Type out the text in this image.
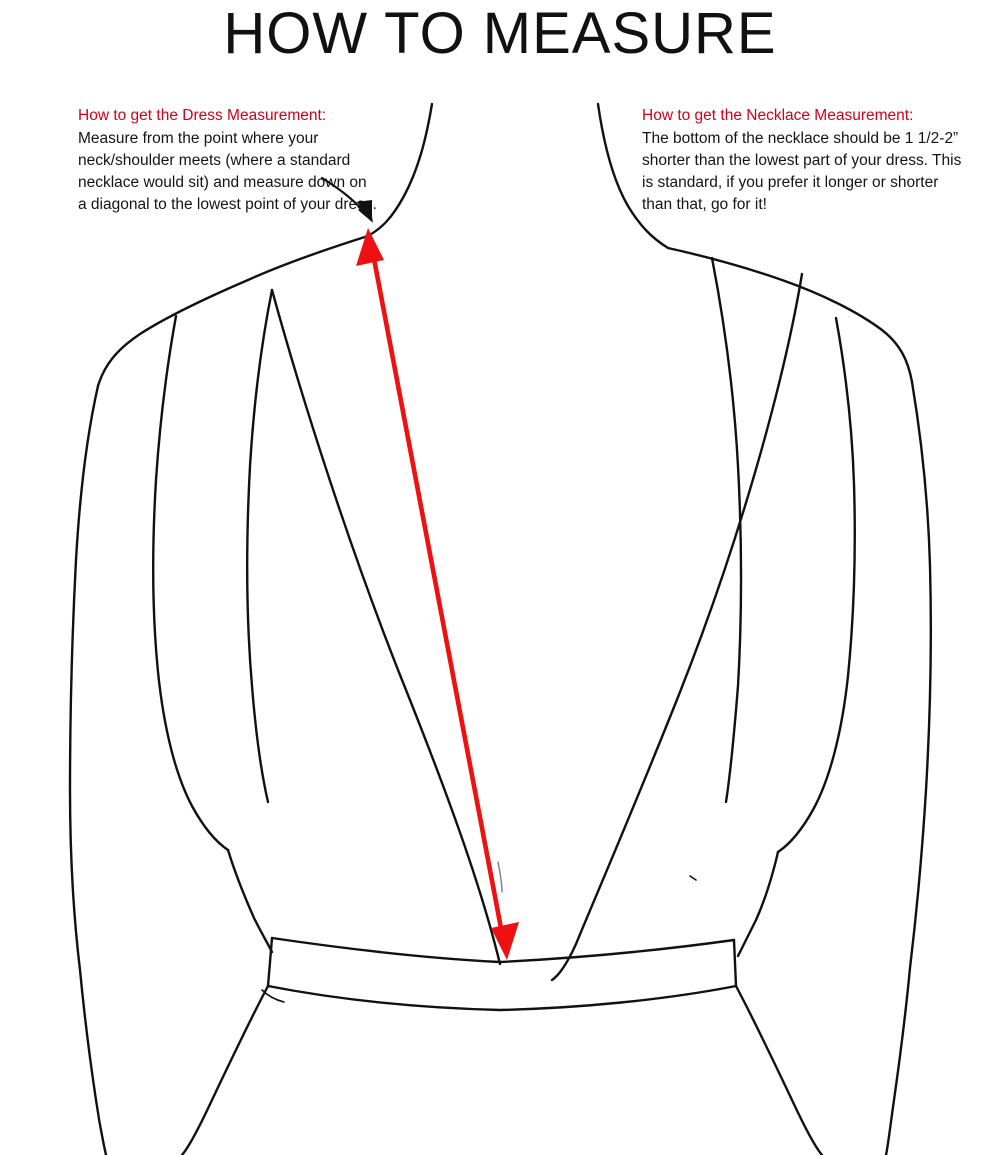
HOW TO MEASURE
How to get the Dress Measurement:
Measure from the point where your neck/shoulder meets (where a standard necklace would sit) and measure down on a diagonal to the lowest point of your dress.
How to get the Necklace Measurement:
The bottom of the necklace should be 1 1/2-2” shorter than the lowest part of your dress. This is standard, if you prefer it longer or shorter than that, go for it!
